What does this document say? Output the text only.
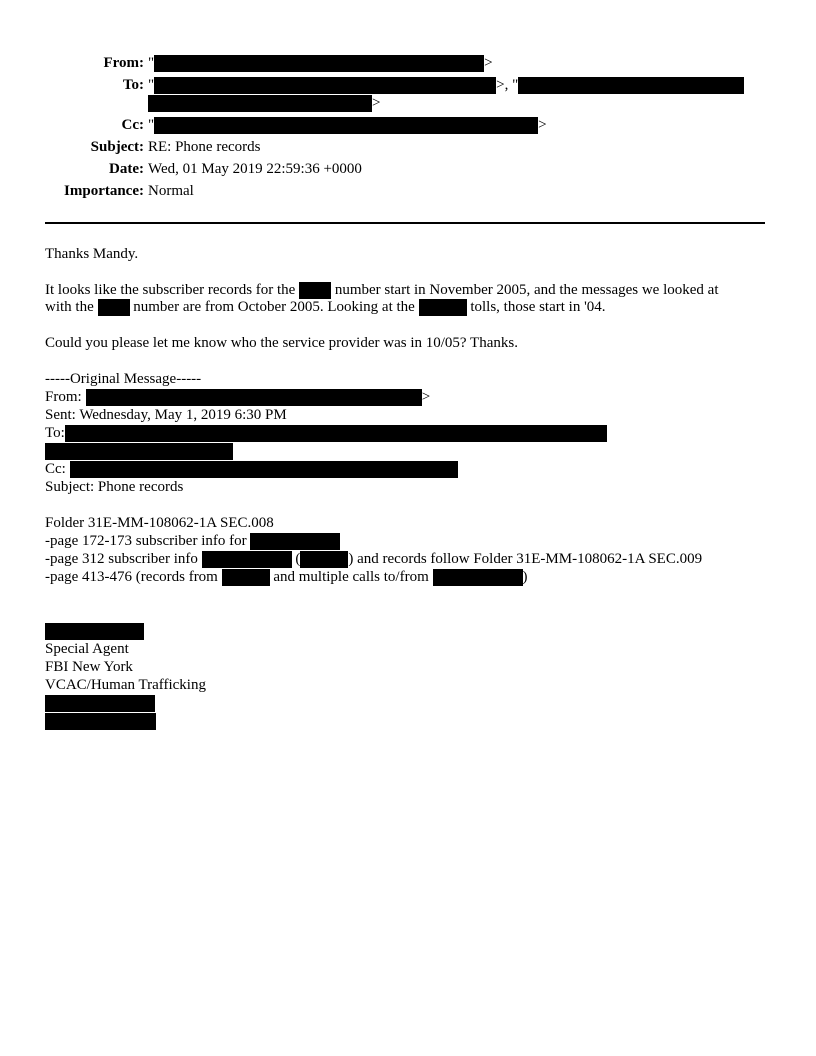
From: "	>
To: "	>, "
>
Cc: "	>
Subject: RE: Phone records
Date: Wed, 01 May 2019 22:59:36 +0000
Importance: Normal
Thanks Mandy.
It looks like the subscriber records for the	number start in November 2005, and the messages we looked at
with the	number are from October 2005. Looking at the	tolls, those start in '04.
Could you please let me know who the service provider was in 10/05? Thanks.
-----Original Message-----
From:	>
Sent: Wednesday, May 1, 2019 6:30 PM
To:
Cc:
Subject: Phone records
Folder 31E-MM-108062-1A SEC.008
-page 172-173 subscriber info for
-page 312 subscriber info	(	) and records follow Folder 31E-MM-108062-1A SEC.009
-page 413-476 (records from	and multiple calls to/from	)
Special Agent
FBI New York
VCAC/Human Trafficking
